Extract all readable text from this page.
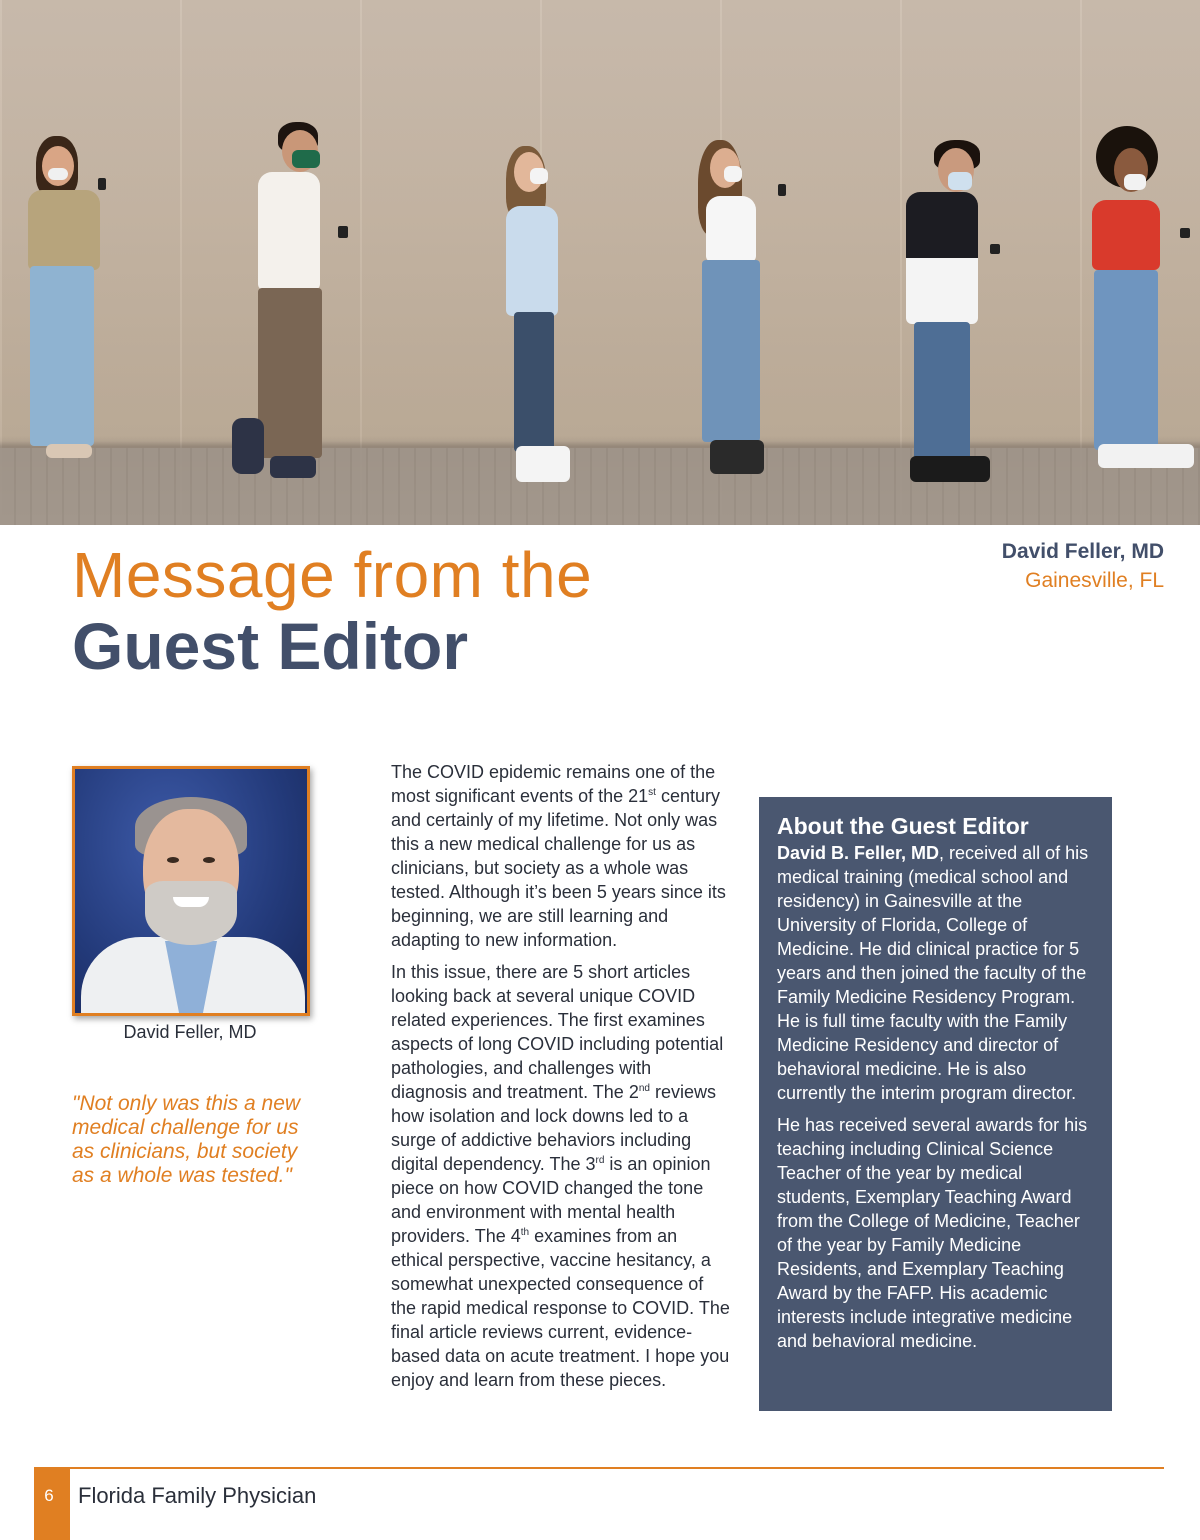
Message from the
Guest Editor
David Feller, MD
Gainesville, FL
David Feller, MD
"Not only was this a new medical challenge for us as clinicians, but society as a whole was tested."

The COVID epidemic remains one of the most significant events of the 21st century and certainly of my lifetime. Not only was this a new medical challenge for us as clinicians, but society as a whole was tested. Although it’s been 5 years since its beginning, we are still learning and adapting to new information.

In this issue, there are 5 short articles looking back at several unique COVID related experiences. The first examines aspects of long COVID including potential pathologies, and challenges with diagnosis and treatment. The 2nd reviews how isolation and lock downs led to a surge of addictive behaviors including digital dependency. The 3rd is an opinion piece on how COVID changed the tone and environment with mental health providers. The 4th examines from an ethical perspective, vaccine hesitancy, a somewhat unexpected consequence of the rapid medical response to COVID. The final article reviews current, evidence-based data on acute treatment. I hope you enjoy and learn from these pieces.

About the Guest Editor

David B. Feller, MD, received all of his medical training (medical school and residency) in Gainesville at the University of Florida, College of Medicine. He did clinical practice for 5 years and then joined the faculty of the Family Medicine Residency Program. He is full time faculty with the Family Medicine Residency and director of behavioral medicine. He is also currently the interim program director.

He has received several awards for his teaching including Clinical Science Teacher of the year by medical students, Exemplary Teaching Award from the College of Medicine, Teacher of the year by Family Medicine Residents, and Exemplary Teaching Award by the FAFP. His academic interests include integrative medicine and behavioral medicine.

6	Florida Family Physician
